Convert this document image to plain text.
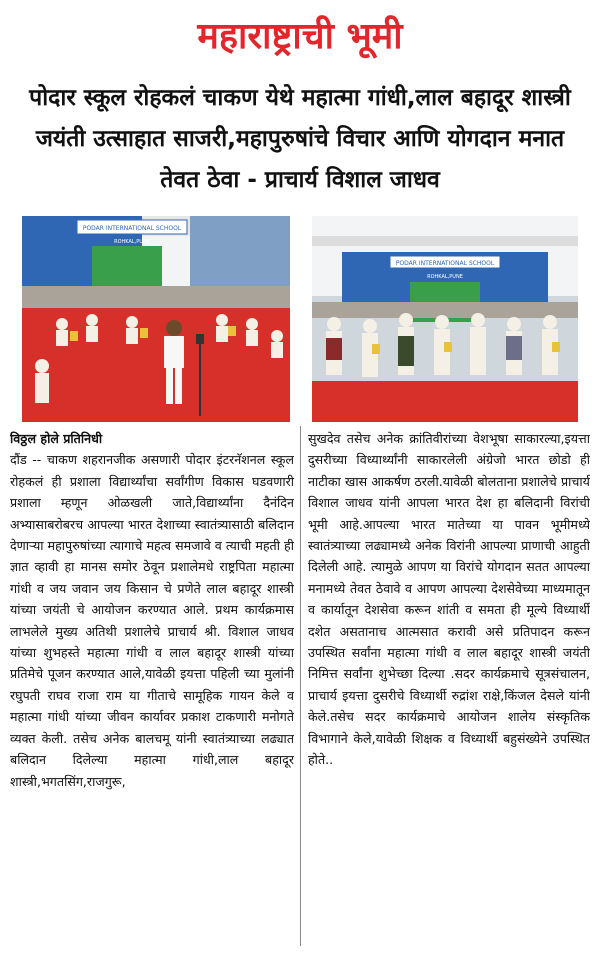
महाराष्ट्राची भूमी
पोदार स्कूल रोहकलं चाकण येथे महात्मा गांधी,लाल बहादूर शास्त्री जयंती उत्साहात साजरी,महापुरुषांचे विचार आणि योगदान मनात तेवत ठेवा - प्राचार्य विशाल जाधव
PODAR INTERNATIONAL SCHOOL
ROHKAL,PUNE
PODAR INTERNATIONAL SCHOOL
ROHKAL,PUNE
विठ्ठल होले प्रतिनिधी
दौंड -- चाकण शहरानजीक असणारी पोदार इंटरनॅशनल स्कूल रोहकलं ही प्रशाला विद्यार्थ्यांचा सर्वांगीण विकास घडवणारी प्रशाला म्हणून ओळखली जाते,विद्यार्थ्यांना दैनंदिन अभ्यासाबरोबरच आपल्या भारत देशाच्या स्वातंत्र्यासाठी बलिदान देणाऱ्या महापुरुषांच्या त्यागाचे महत्व समजावे व त्याची महती ही ज्ञात व्हावी हा मानस समोर ठेवून प्रशालेमधे राष्ट्रपिता महात्मा गांधी व जय जवान जय किसान चे प्रणेते लाल बहादूर शास्त्री यांच्या जयंती चे आयोजन करण्यात आले. प्रथम कार्यक्रमास लाभलेले मुख्य अतिथी प्रशालेचे प्राचार्य श्री. विशाल जाधव यांच्या शुभहस्ते महात्मा गांधी व लाल बहादूर शास्त्री यांच्या प्रतिमेचे पूजन करण्यात आले,यावेळी इयत्ता पहिली च्या मुलांनी रघुपती राघव राजा राम या गीताचे सामूहिक गायन केले व महात्मा गांधी यांच्या जीवन कार्यावर प्रकाश टाकणारी मनोगते व्यक्त केली. तसेच अनेक बालचमू यांनी स्वातंत्र्याच्या लढ्यात बलिदान दिलेल्या महात्मा गांधी,लाल बहादूर शास्त्री,भगतसिंग,राजगुरू,
सुखदेव तसेच अनेक क्रांतिवीरांच्या वेशभूषा साकारल्या,इयत्ता दुसरीच्या विध्यार्थ्यांनी साकारलेली अंग्रेजो भारत छोडो ही नाटीका खास आकर्षण ठरली.यावेळी बोलताना प्रशालेचे प्राचार्य विशाल जाधव यांनी आपला भारत देश हा बलिदानी विरांची भूमी आहे.आपल्या भारत मातेच्या या पावन भूमीमध्ये स्वातंत्र्याच्या लढ्यामध्ये अनेक विरांनी आपल्या प्राणाची आहुती दिलेली आहे. त्यामुळे आपण या विरांचे योगदान सतत आपल्या मनामध्ये तेवत ठेवावे व आपण आपल्या देशसेवेच्या माध्यमातून व कार्यातून देशसेवा करून शांती व समता ही मूल्ये विध्यार्थी दशेत असतानाच आत्मसात करावी असे प्रतिपादन करून उपस्थित सर्वांना महात्मा गांधी व लाल बहादूर शास्त्री जयंती निमित्त सर्वांना शुभेच्छा दिल्या .सदर कार्यक्रमाचे सूत्रसंचालन, प्राचार्य इयत्ता दुसरीचे विध्यार्थी रुद्रांश राक्षे,किंजल देसले यांनी केले.तसेच सदर कार्यक्रमाचे आयोजन शालेय संस्कृतिक विभागाने केले,यावेळी शिक्षक व विध्यार्थी बहुसंख्येने उपस्थित होते..
